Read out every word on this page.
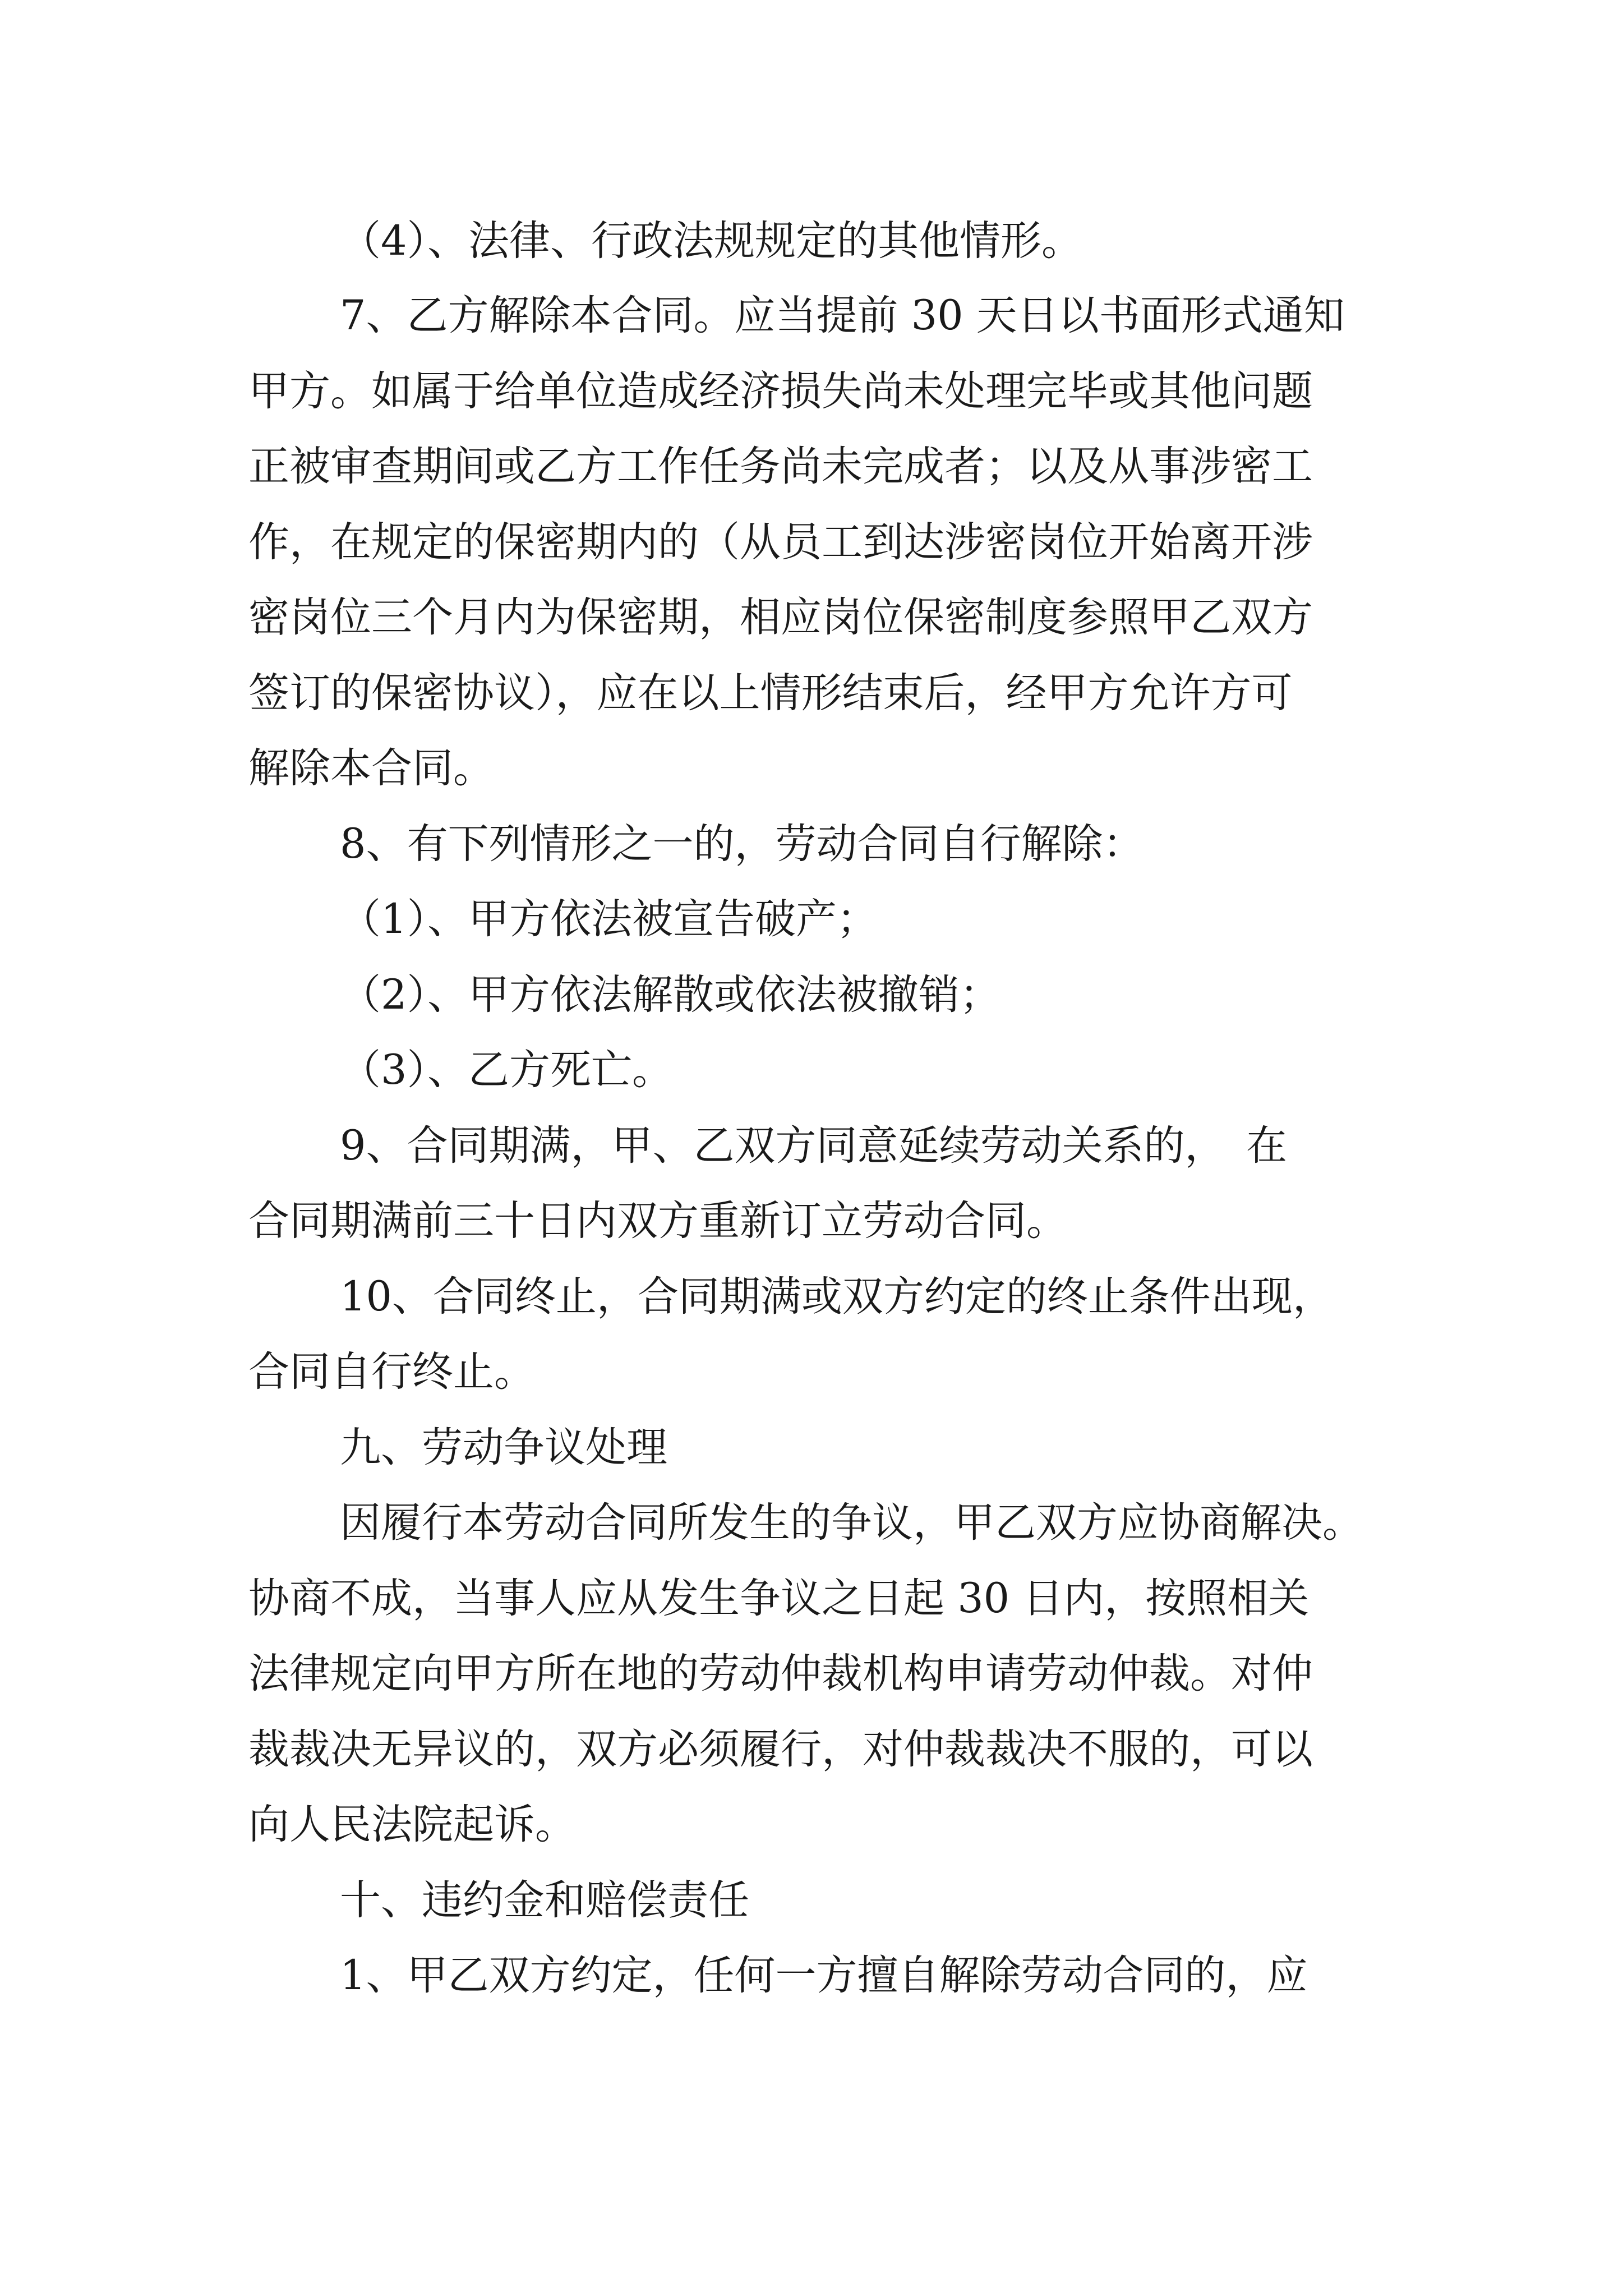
（4）、法律、行政法规规定的其他情形。

7、乙方解除本合同。应当提前 30 天日以书面形式通知

甲方。如属于给单位造成经济损失尚未处理完毕或其他问题

正被审查期间或乙方工作任务尚未完成者；以及从事涉密工

作，在规定的保密期内的（从员工到达涉密岗位开始离开涉

密岗位三个月内为保密期，相应岗位保密制度参照甲乙双方

签订的保密协议），应在以上情形结束后，经甲方允许方可

解除本合同。

8、有下列情形之一的，劳动合同自行解除：

（1）、甲方依法被宣告破产；

（2）、甲方依法解散或依法被撤销；

（3）、乙方死亡。

9、合同期满，甲、乙双方同意延续劳动关系的，　在

合同期满前三十日内双方重新订立劳动合同。

10、合同终止，合同期满或双方约定的终止条件出现，

合同自行终止。

九、劳动争议处理

因履行本劳动合同所发生的争议，甲乙双方应协商解决。

协商不成，当事人应从发生争议之日起 30 日内，按照相关

法律规定向甲方所在地的劳动仲裁机构申请劳动仲裁。对仲

裁裁决无异议的，双方必须履行，对仲裁裁决不服的，可以

向人民法院起诉。

十、违约金和赔偿责任

1、甲乙双方约定，任何一方擅自解除劳动合同的，应
